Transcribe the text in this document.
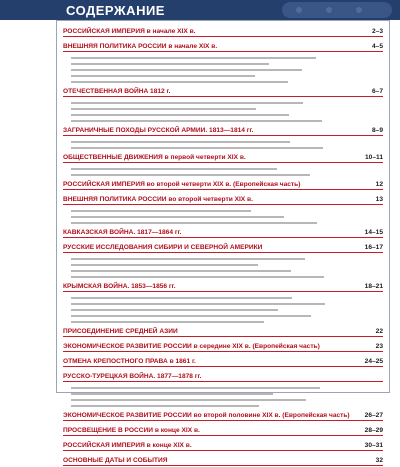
СОДЕРЖАНИЕ
РОССИЙСКАЯ ИМПЕРИЯ в начале XIX в.	2–3
ВНЕШНЯЯ ПОЛИТИКА РОССИИ в начале XIX в.	4–5
ОТЕЧЕСТВЕННАЯ ВОЙНА 1812 г.	6–7
ЗАГРАНИЧНЫЕ ПОХОДЫ РУССКОЙ АРМИИ. 1813—1814 гг.	8–9
ОБЩЕСТВЕННЫЕ ДВИЖЕНИЯ в первой четверти XIX в.	10–11
РОССИЙСКАЯ ИМПЕРИЯ во второй четверти XIX в. (Европейская часть)	12
ВНЕШНЯЯ ПОЛИТИКА РОССИИ во второй четверти XIX в.	13
КАВКАЗСКАЯ ВОЙНА. 1817—1864 гг.	14–15
РУССКИЕ ИССЛЕДОВАНИЯ СИБИРИ И СЕВЕРНОЙ АМЕРИКИ	16–17
КРЫМСКАЯ ВОЙНА. 1853—1856 гг.	18–21
ПРИСОЕДИНЕНИЕ СРЕДНЕЙ АЗИИ	22
ЭКОНОМИЧЕСКОЕ РАЗВИТИЕ РОССИИ в середине XIX в. (Европейская часть)	23
ОТМЕНА КРЕПОСТНОГО ПРАВА в 1861 г.	24–25
РУССКО-ТУРЕЦКАЯ ВОЙНА. 1877—1878 гг.
ЭКОНОМИЧЕСКОЕ РАЗВИТИЕ РОССИИ во второй половине XIX в. (Европейская часть) 26–27
ПРОСВЕЩЕНИЕ В РОССИИ в конце XIX в.	28–29
РОССИЙСКАЯ ИМПЕРИЯ в конце XIX в.	30–31
ОСНОВНЫЕ ДАТЫ И СОБЫТИЯ	32
